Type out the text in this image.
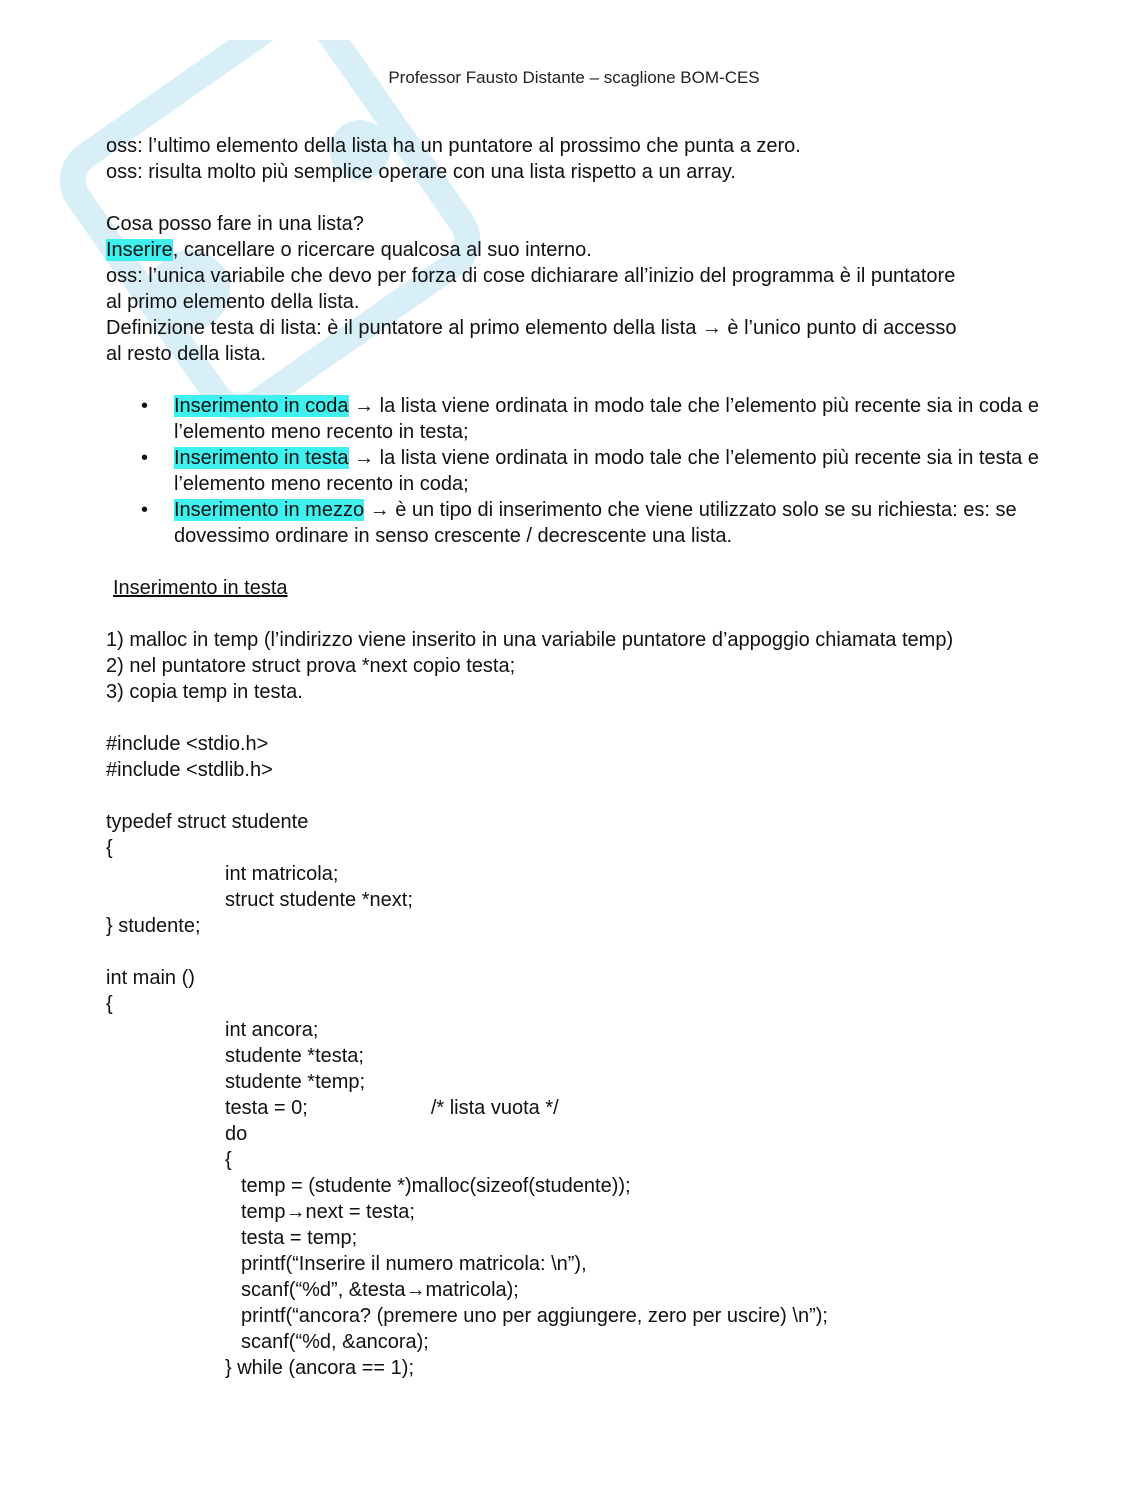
Professor Fausto Distante – scaglione BOM-CES

oss: l’ultimo elemento della lista ha un puntatore al prossimo che punta a zero.

oss: risulta molto più semplice operare con una lista rispetto a un array.

Cosa posso fare in una lista?

Inserire, cancellare o ricercare qualcosa al suo interno.

oss: l’unica variabile che devo per forza di cose dichiarare all’inizio del programma è il puntatore

al primo elemento della lista.

Definizione testa di lista: è il puntatore al primo elemento della lista → è l’unico punto di accesso

al resto della lista.

• Inserimento in coda → la lista viene ordinata in modo tale che l’elemento più recente sia in coda e l’elemento meno recento in testa;
• Inserimento in testa → la lista viene ordinata in modo tale che l’elemento più recente sia in testa e l’elemento meno recento in coda;
• Inserimento in mezzo → è un tipo di inserimento che viene utilizzato solo se su richiesta: es: se dovessimo ordinare in senso crescente / decrescente una lista.

Inserimento in testa

1) malloc in temp (l’indirizzo viene inserito in una variabile puntatore d’appoggio chiamata temp)

2) nel puntatore struct prova *next copio testa;

3) copia temp in testa.

#include <stdio.h>

#include <stdlib.h>

typedef struct studente

{

int matricola;

struct studente *next;

} studente;

int main ()

{

int ancora;

studente *testa;

studente *temp;

testa = 0;	/* lista vuota */

do

{

temp = (studente *)malloc(sizeof(studente));

temp→next = testa;

testa = temp;

printf(“Inserire il numero matricola: \n”),

scanf(“%d”, &testa→matricola);

printf(“ancora? (premere uno per aggiungere, zero per uscire) \n”);

scanf(“%d, &ancora);

} while (ancora == 1);
